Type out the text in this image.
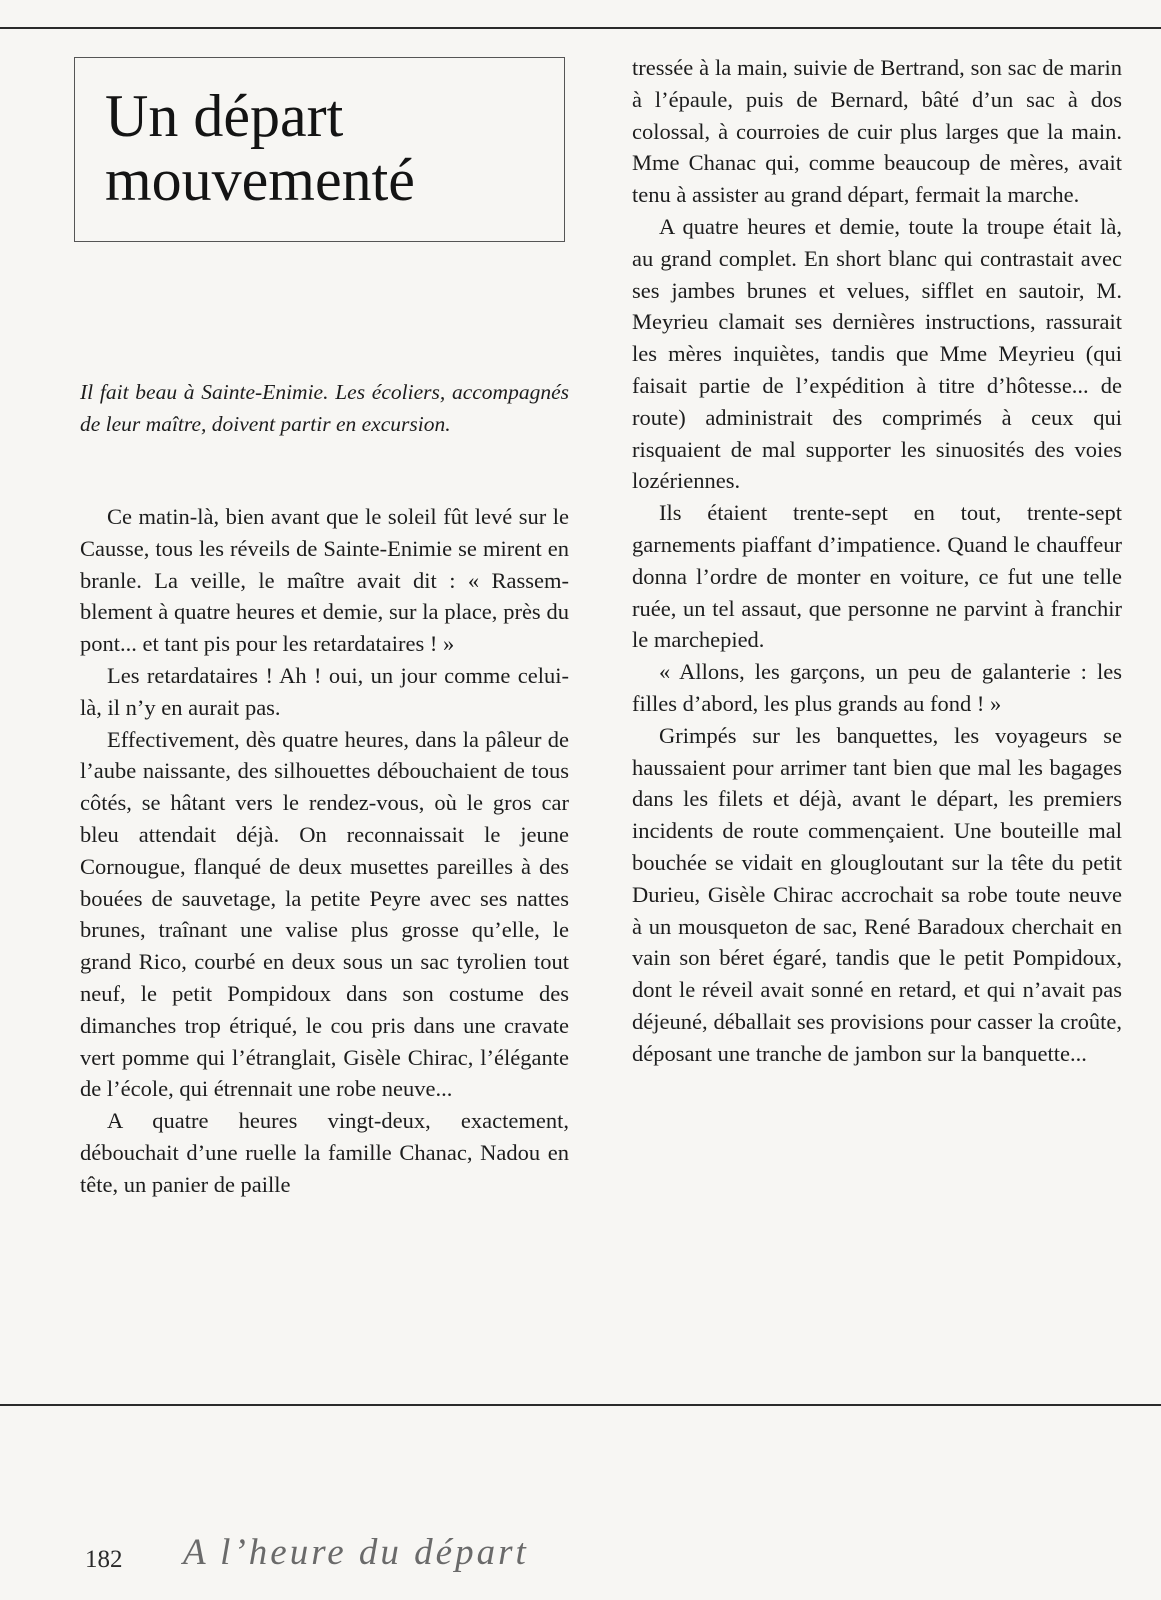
Un départ
mouvementé

Il fait beau à Sainte-Enimie. Les écoliers, accompagnés de leur maître, doivent partir en excursion.

Ce matin-là, bien avant que le soleil fût levé sur le Causse, tous les réveils de Sainte-Enimie se mirent en branle. La veille, le maître avait dit : « Rassemblement à quatre heures et demie, sur la place, près du pont... et tant pis pour les retardataires ! »

Les retardataires ! Ah ! oui, un jour comme celui-là, il n’y en aurait pas.

Effectivement, dès quatre heures, dans la pâleur de l’aube naissante, des silhouettes débouchaient de tous côtés, se hâtant vers le rendez-vous, où le gros car bleu attendait déjà. On reconnaissait le jeune Cornougue, flanqué de deux musettes pareilles à des bouées de sauvetage, la petite Peyre avec ses nattes brunes, traînant une valise plus grosse qu’elle, le grand Rico, courbé en deux sous un sac tyrolien tout neuf, le petit Pompidoux dans son costume des dimanches trop étriqué, le cou pris dans une cravate vert pomme qui l’étranglait, Gisèle Chirac, l’élégante de l’école, qui étrennait une robe neuve...

A quatre heures vingt-deux, exactement, débouchait d’une ruelle la famille Chanac, Nadou en tête, un panier de paille

tressée à la main, suivie de Bertrand, son sac de marin à l’épaule, puis de Bernard, bâté d’un sac à dos colossal, à courroies de cuir plus larges que la main. Mme Chanac qui, comme beaucoup de mères, avait tenu à assister au grand départ, fermait la marche.

A quatre heures et demie, toute la troupe était là, au grand complet. En short blanc qui contrastait avec ses jambes brunes et velues, sifflet en sautoir, M. Meyrieu clamait ses dernières instructions, rassurait les mères inquiètes, tandis que Mme Meyrieu (qui faisait partie de l’expédition à titre d’hôtesse... de route) administrait des comprimés à ceux qui risquaient de mal supporter les sinuosités des voies lozériennes.

Ils étaient trente-sept en tout, trente-sept garnements piaffant d’impatience. Quand le chauffeur donna l’ordre de monter en voiture, ce fut une telle ruée, un tel assaut, que personne ne parvint à franchir le marchepied.

« Allons, les garçons, un peu de galanterie : les filles d’abord, les plus grands au fond ! »

Grimpés sur les banquettes, les voyageurs se haussaient pour arrimer tant bien que mal les bagages dans les filets et déjà, avant le départ, les premiers incidents de route commençaient. Une bouteille mal bouchée se vidait en glougloutant sur la tête du petit Durieu, Gisèle Chirac accrochait sa robe toute neuve à un mousqueton de sac, René Baradoux cherchait en vain son béret égaré, tandis que le petit Pompidoux, dont le réveil avait sonné en retard, et qui n’avait pas déjeuné, déballait ses provisions pour casser la croûte, déposant une tranche de jambon sur la banquette...

182 A l’heure du départ
